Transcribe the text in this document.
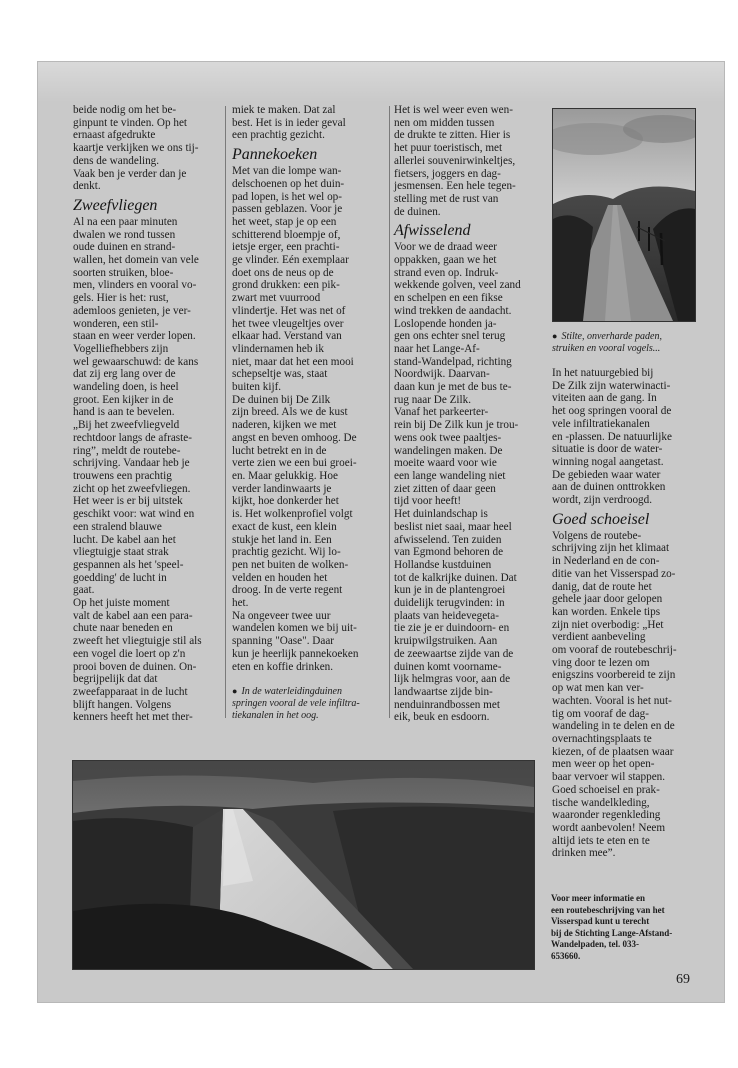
beide nodig om het be-
ginpunt te vinden. Op het
ernaast afgedrukte
kaartje verkijken we ons tij-
dens de wandeling.
Vaak ben je verder dan je
denkt.

Zweefvliegen

Al na een paar minuten
dwalen we rond tussen
oude duinen en strand-
wallen, het domein van vele
soorten struiken, bloe-
men, vlinders en vooral vo-
gels. Hier is het: rust,
ademloos genieten, je ver-
wonderen, een stil-
staan en weer verder lopen.
Vogelliefhebbers zijn
wel gewaarschuwd: de kans
dat zij erg lang over de
wandeling doen, is heel
groot. Een kijker in de
hand is aan te bevelen.
„Bij het zweefvliegveld
rechtdoor langs de afraste-
ring”, meldt de routebe-
schrijving. Vandaar heb je
trouwens een prachtig
zicht op het zweefvliegen.
Het weer is er bij uitstek
geschikt voor: wat wind en
een stralend blauwe
lucht. De kabel aan het
vliegtuigje staat strak
gespannen als het 'speel-
goedding' de lucht in
gaat.
Op het juiste moment
valt de kabel aan een para-
chute naar beneden en
zweeft het vliegtuigje stil als
een vogel die loert op z'n
prooi boven de duinen. On-
begrijpelijk dat dat
zweefapparaat in de lucht
blijft hangen. Volgens
kenners heeft het met ther-

miek te maken. Dat zal
best. Het is in ieder geval
een prachtig gezicht.

Pannekoeken

Met van die lompe wan-
delschoenen op het duin-
pad lopen, is het wel op-
passen geblazen. Voor je
het weet, stap je op een
schitterend bloempje of,
ietsje erger, een prachti-
ge vlinder. Eén exemplaar
doet ons de neus op de
grond drukken: een pik-
zwart met vuurrood
vlindertje. Het was net of
het twee vleugeltjes over
elkaar had. Verstand van
vlindernamen heb ik
niet, maar dat het een mooi
schepseltje was, staat
buiten kijf.
De duinen bij De Zilk
zijn breed. Als we de kust
naderen, kijken we met
angst en beven omhoog. De
lucht betrekt en in de
verte zien we een bui groei-
en. Maar gelukkig. Hoe
verder landinwaarts je
kijkt, hoe donkerder het
is. Het wolkenprofiel volgt
exact de kust, een klein
stukje het land in. Een
prachtig gezicht. Wij lo-
pen net buiten de wolken-
velden en houden het
droog. In de verte regent
het.
Na ongeveer twee uur
wandelen komen we bij uit-
spanning "Oase". Daar
kun je heerlijk pannekoeken
eten en koffie drinken.

● In de waterleidingduinen
springen vooral de vele infiltra-
tiekanalen in het oog.

Het is wel weer even wen-
nen om midden tussen
de drukte te zitten. Hier is
het puur toeristisch, met
allerlei souvenirwinkeltjes,
fietsers, joggers en dag-
jesmensen. Een hele tegen-
stelling met de rust van
de duinen.

Afwisselend

Voor we de draad weer
oppakken, gaan we het
strand even op. Indruk-
wekkende golven, veel zand
en schelpen en een fikse
wind trekken de aandacht.
Loslopende honden ja-
gen ons echter snel terug
naar het Lange-Af-
stand-Wandelpad, richting
Noordwijk. Daarvan-
daan kun je met de bus te-
rug naar De Zilk.
Vanaf het parkeerter-
rein bij De Zilk kun je trou-
wens ook twee paaltjes-
wandelingen maken. De
moeite waard voor wie
een lange wandeling niet
ziet zitten of daar geen
tijd voor heeft!
Het duinlandschap is
beslist niet saai, maar heel
afwisselend. Ten zuiden
van Egmond behoren de
Hollandse kustduinen
tot de kalkrijke duinen. Dat
kun je in de plantengroei
duidelijk terugvinden: in
plaats van heidevegeta-
tie zie je er duindoorn- en
kruipwilgstruiken. Aan
de zeewaartse zijde van de
duinen komt voorname-
lijk helmgras voor, aan de
landwaartse zijde bin-
nenduinrandbossen met
eik, beuk en esdoorn.

● Stilte, onverharde paden,
struiken en vooral vogels...

In het natuurgebied bij
De Zilk zijn waterwinacti-
viteiten aan de gang. In
het oog springen vooral de
vele infiltratiekanalen
en -plassen. De natuurlijke
situatie is door de water-
winning nogal aangetast.
De gebieden waar water
aan de duinen onttrokken
wordt, zijn verdroogd.

Goed schoeisel

Volgens de routebe-
schrijving zijn het klimaat
in Nederland en de con-
ditie van het Visserspad zo-
danig, dat de route het
gehele jaar door gelopen
kan worden. Enkele tips
zijn niet overbodig: „Het
verdient aanbeveling
om vooraf de routebeschrij-
ving door te lezen om
enigszins voorbereid te zijn
op wat men kan ver-
wachten. Vooral is het nut-
tig om vooraf de dag-
wandeling in te delen en de
overnachtingsplaats te
kiezen, of de plaatsen waar
men weer op het open-
baar vervoer wil stappen.
Goed schoeisel en prak-
tische wandelkleding,
waaronder regenkleding
wordt aanbevolen! Neem
altijd iets te eten en te
drinken mee”.

Voor meer informatie en
een routebeschrijving van het
Visserspad kunt u terecht
bij de Stichting Lange-Afstand-
Wandelpaden, tel. 033-
653660.

69
